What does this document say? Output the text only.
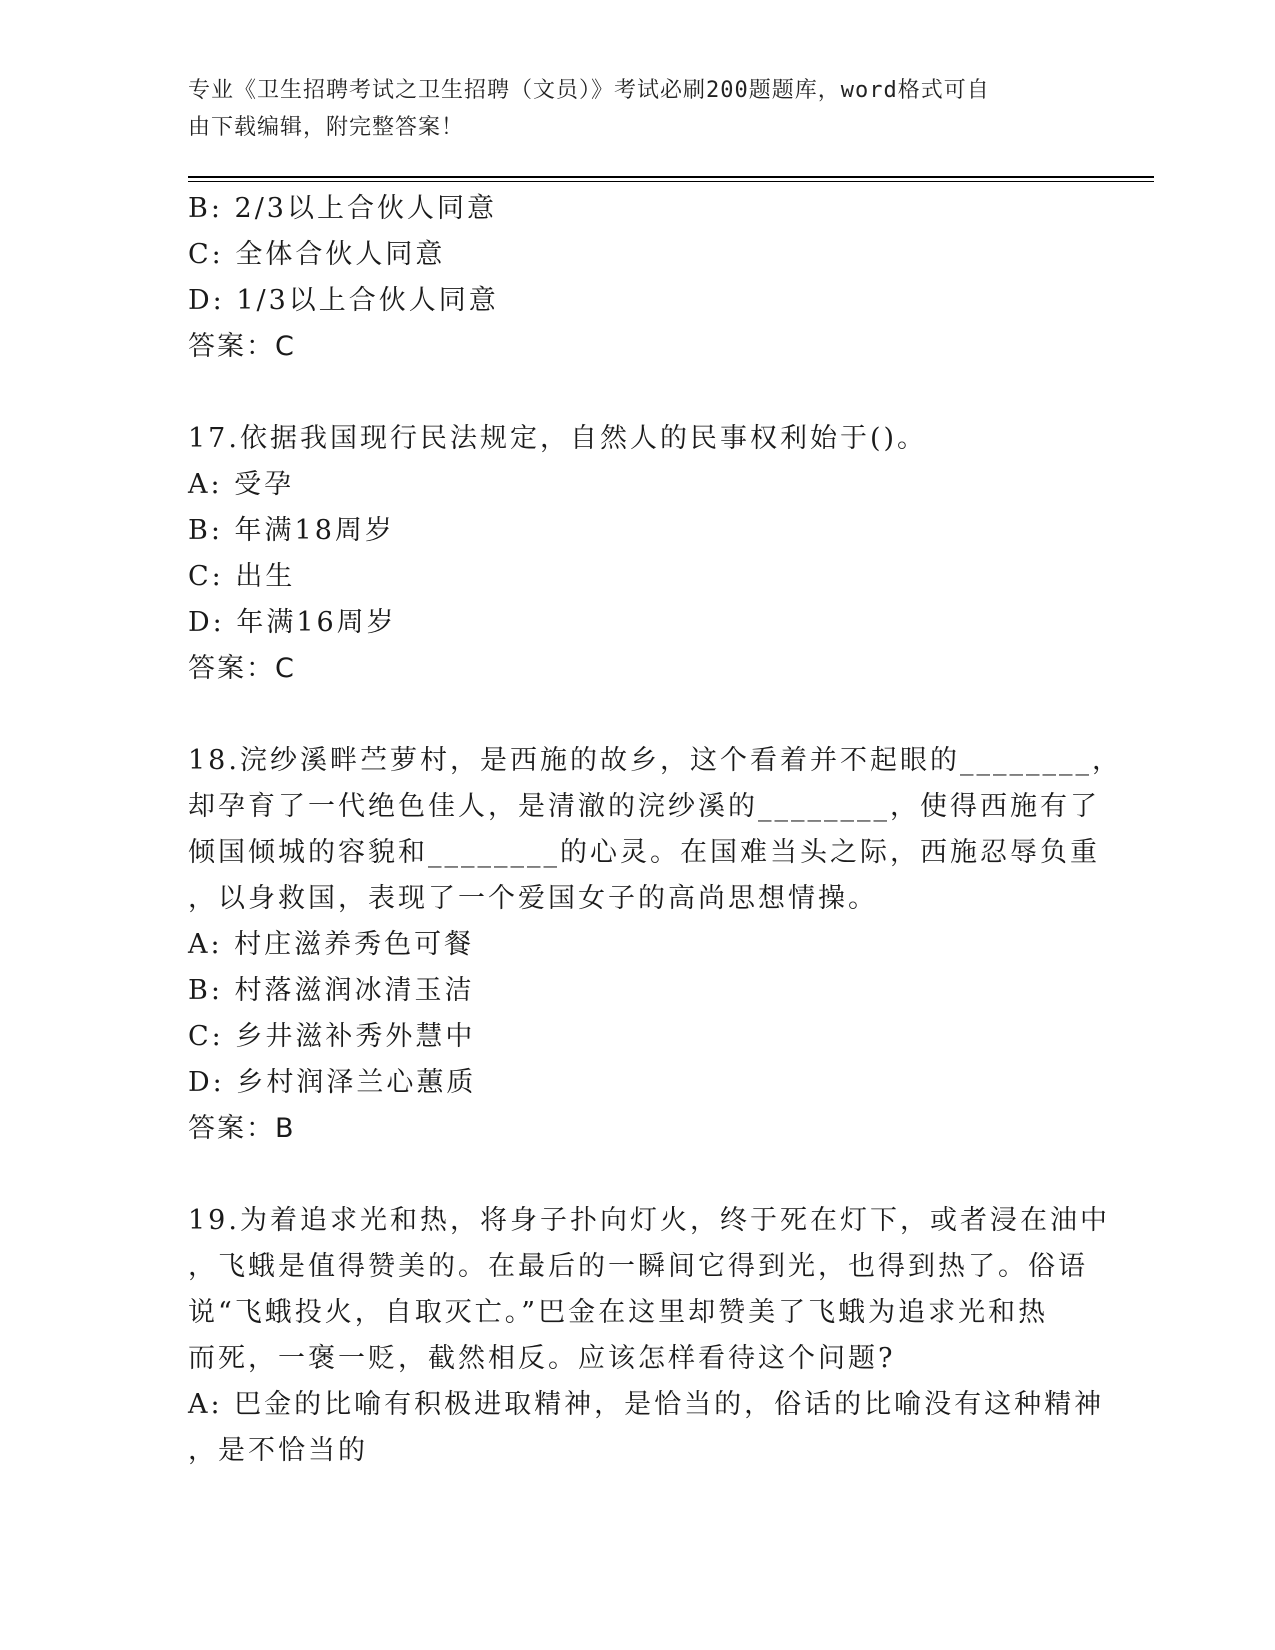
专业《卫生招聘考试之卫生招聘（文员）》考试必刷200题题库，word格式可自
由下载编辑，附完整答案！
B: 2/3以上合伙人同意
C: 全体合伙人同意
D: 1/3以上合伙人同意
答案：C
17.依据我国现行民法规定，自然人的民事权利始于()。
A: 受孕
B: 年满18周岁
C: 出生
D: 年满16周岁
答案：C
18.浣纱溪畔苎萝村，是西施的故乡，这个看着并不起眼的________，
却孕育了一代绝色佳人，是清澈的浣纱溪的________，使得西施有了
倾国倾城的容貌和________的心灵。在国难当头之际，西施忍辱负重
，以身救国，表现了一个爱国女子的高尚思想情操。
A: 村庄滋养秀色可餐
B: 村落滋润冰清玉洁
C: 乡井滋补秀外慧中
D: 乡村润泽兰心蕙质
答案：B
19.为着追求光和热，将身子扑向灯火，终于死在灯下，或者浸在油中
，飞蛾是值得赞美的。在最后的一瞬间它得到光，也得到热了。俗语
说“飞蛾投火，自取灭亡。”巴金在这里却赞美了飞蛾为追求光和热
而死，一褒一贬，截然相反。应该怎样看待这个问题?
A: 巴金的比喻有积极进取精神，是恰当的，俗话的比喻没有这种精神
，是不恰当的
